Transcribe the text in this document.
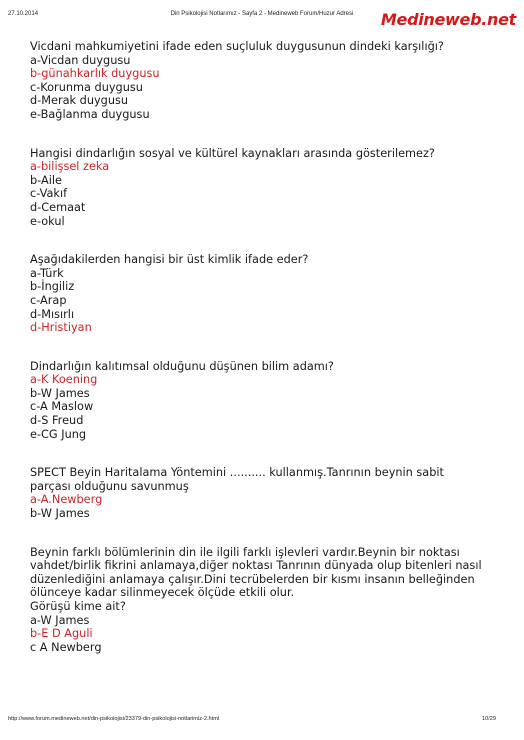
27.10.2014	Din Psikolojisi Notlarımız - Sayfa 2 - Medineweb Forum/Huzur Adresi	Medineweb.net
Vicdani mahkumiyetini ifade eden suçluluk duygusunun dindeki karşılığı?
a-Vicdan duygusu
b-günahkarlık duygusu
c-Korunma duygusu
d-Merak duygusu
e-Bağlanma duygusu
Hangisi dindarlığın sosyal ve kültürel kaynakları arasında gösterilemez?
a-bilişsel zeka
b-Aile
c-Vakıf
d-Cemaat
e-okul
Aşağıdakilerden hangisi bir üst kimlik ifade eder?
a-Türk
b-İngiliz
c-Arap
d-Mısırlı
d-Hristiyan
Dindarlığın kalıtımsal olduğunu düşünen bilim adamı?
a-K Koening
b-W James
c-A Maslow
d-S Freud
e-CG Jung
SPECT Beyin Haritalama Yöntemini .......... kullanmış.Tanrının beynin sabit
parçası olduğunu savunmuş
a-A.Newberg
b-W James
Beynin farklı bölümlerinin din ile ilgili farklı işlevleri vardır.Beynin bir noktası
vahdet/birlik fikrini anlamaya,diğer noktası Tanrının dünyada olup bitenleri nasıl
düzenlediğini anlamaya çalışır.Dini tecrübelerden bir kısmı insanın belleğinden
ölünceye kadar silinmeyecek ölçüde etkili olur.
Görüşü kime ait?
a-W James
b-E D Aguli
c A Newberg
http://www.forum.medineweb.net/din-psikolojisi/23379-din-psikolojisi-notlarimiz-2.html	10/29
